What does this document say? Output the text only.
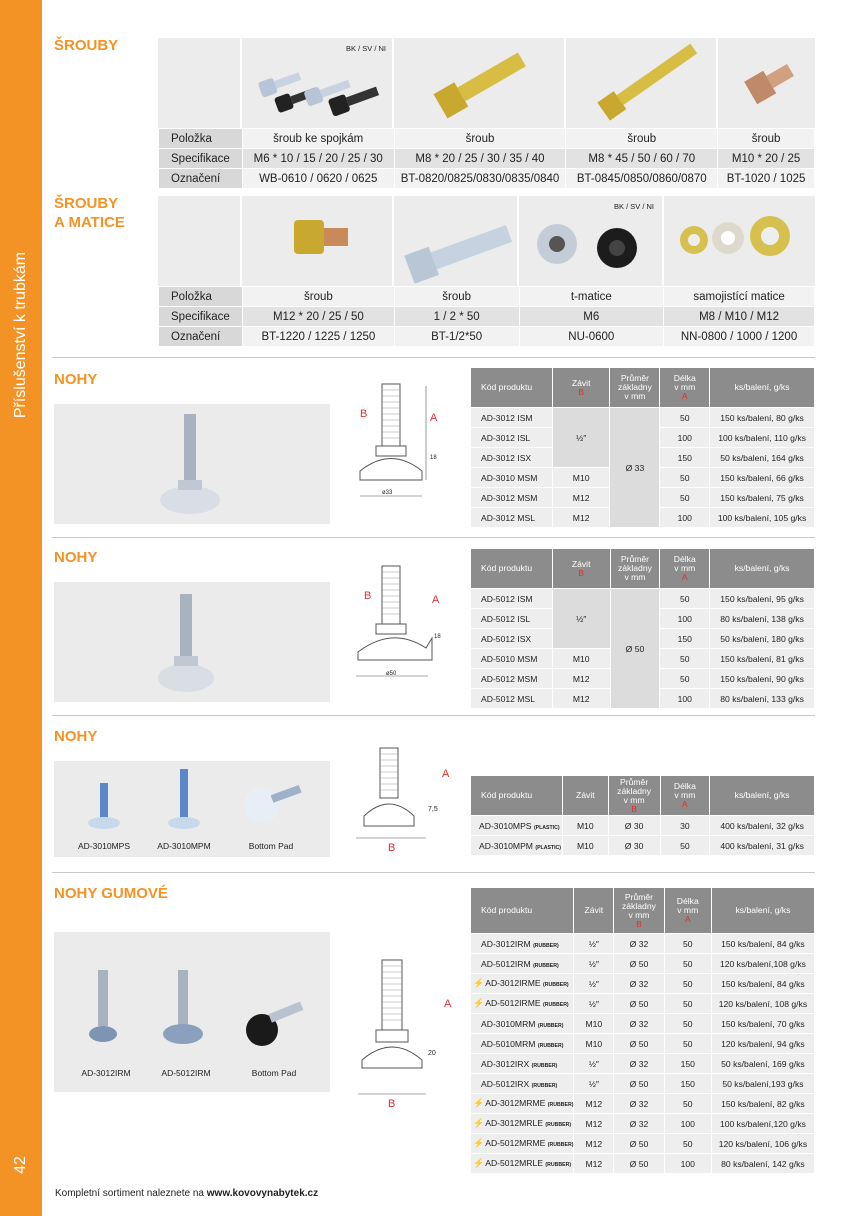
Příslušenství k trubkám
42
ŠROUBY	BK / SV / NI
Položka	šroub ke spojkám	šroub	šroub	šroub
Specifikace	M6 * 10 / 15 / 20 / 25 / 30	M8 * 20 / 25 / 30 / 35 / 40	M8 * 45 / 50 / 60 / 70	M10 * 20 / 25
Označení	WB-0610 / 0620 / 0625	BT-0820/0825/0830/0835/0840	BT-0845/0850/0860/0870	BT-1020 / 1025
ŠROUBY
A MATICE
BK / SV / NI
Položka	šroub	šroub	t-matice	samojistící matice
Specifikace	M12 * 20 / 25 / 50	1 / 2 * 50	M6	M8 / M10 / M12
Označení	BT-1220 / 1225 / 1250	BT-1/2*50	NU-0600	NN-0800 / 1000 / 1200
NOHY
B	A
18
ø33
Kód produktu	Závit
B	Průměr
základny
v mm	Délka
v mm
A	ks/balení, g/ks
AD-3012 ISM	½″	Ø 33	50	150 ks/balení, 80 g/ks
AD-3012 ISL			100	100 ks/balení, 110 g/ks
AD-3012 ISX			150	50 ks/balení, 164 g/ks
AD-3010 MSM	M10		50	150 ks/balení, 66 g/ks
AD-3012 MSM	M12		50	150 ks/balení, 75 g/ks
AD-3012 MSL	M12		100	100 ks/balení, 105 g/ks
NOHY
B	A
18
ø50
Kód produktu	Závit
B	Průměr
základny
v mm	Délka
v mm
A	ks/balení, g/ks
AD-5012 ISM	½″	Ø 50	50	150 ks/balení, 95 g/ks
AD-5012 ISL			100	80 ks/balení, 138 g/ks
AD-5012 ISX			150	50 ks/balení, 180 g/ks
AD-5010 MSM	M10		50	150 ks/balení, 81 g/ks
AD-5012 MSM	M12		50	150 ks/balení, 90 g/ks
AD-5012 MSL	M12		100	80 ks/balení, 133 g/ks
NOHY
AD-3010MPS	AD-3010MPM	Bottom Pad
A
7,5
B
Kód produktu	Závit	Průměr
základny
v mm
B	Délka
v mm
A	ks/balení, g/ks
AD-3010MPS (PLASTIC)	M10	Ø 30	30	400 ks/balení, 32 g/ks
AD-3010MPM (PLASTIC)	M10	Ø 30	50	400 ks/balení, 31 g/ks
NOHY GUMOVÉ
AD-3012IRM	AD-5012IRM	Bottom Pad
A
20
B
Kód produktu	Závit	Průměr
základny
v mm
B	Délka
v mm
A	ks/balení, g/ks
AD-3012IRM (RUBBER)	½″	Ø 32	50	150 ks/balení, 84 g/ks
AD-5012IRM (RUBBER)	½″	Ø 50	50	120 ks/balení,108 g/ks
⚡AD-3012IRME (RUBBER)	½″	Ø 32	50	150 ks/balení, 84 g/ks
⚡AD-5012IRME (RUBBER)	½″	Ø 50	50	120 ks/balení, 108 g/ks
AD-3010MRM (RUBBER)	M10	Ø 32	50	150 ks/balení, 70 g/ks
AD-5010MRM (RUBBER)	M10	Ø 50	50	120 ks/balení, 94 g/ks
AD-3012IRX (RUBBER)	½″	Ø 32	150	50 ks/balení, 169 g/ks
AD-5012IRX (RUBBER)	½″	Ø 50	150	50 ks/balení,193 g/ks
⚡AD-3012MRME (RUBBER)	M12	Ø 32	50	150 ks/balení, 82 g/ks
⚡AD-3012MRLE (RUBBER)	M12	Ø 32	100	100 ks/balení,120 g/ks
⚡AD-5012MRME (RUBBER)	M12	Ø 50	50	120 ks/balení, 106 g/ks
⚡AD-5012MRLE (RUBBER)	M12	Ø 50	100	80 ks/balení, 142 g/ks
Kompletní sortiment naleznete na www.kovovynabytek.cz
